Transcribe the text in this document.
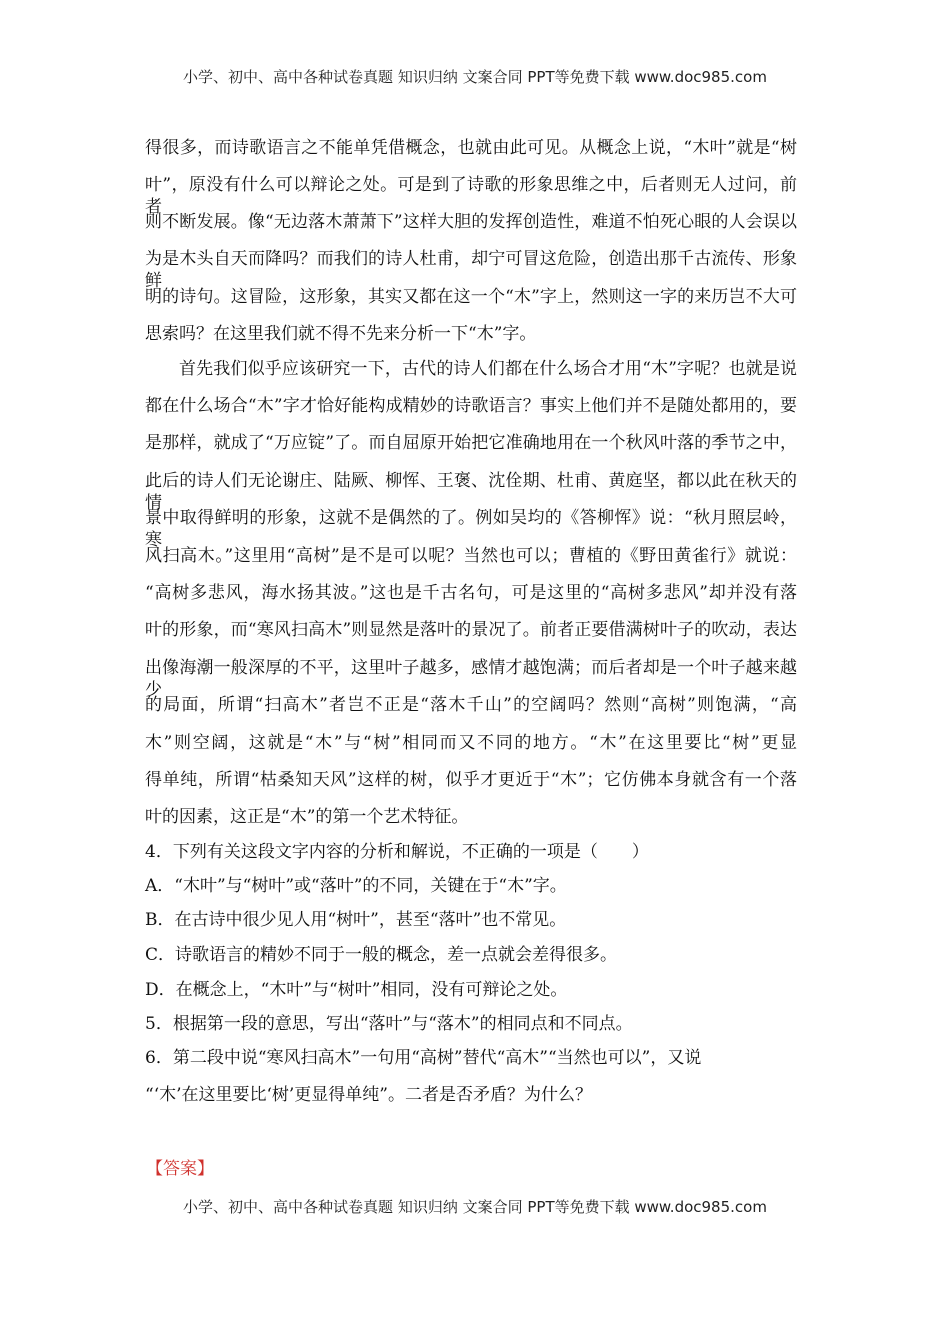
小学、初中、高中各种试卷真题 知识归纳 文案合同 PPT等免费下载 www.doc985.com
得很多，而诗歌语言之不能单凭借概念，也就由此可见。从概念上说，“木叶”就是“树
叶”，原没有什么可以辩论之处。可是到了诗歌的形象思维之中，后者则无人过问，前者
则不断发展。像“无边落木萧萧下”这样大胆的发挥创造性，难道不怕死心眼的人会误以
为是木头自天而降吗？而我们的诗人杜甫，却宁可冒这危险，创造出那千古流传、形象鲜
明的诗句。这冒险，这形象，其实又都在这一个“木”字上，然则这一字的来历岂不大可
思索吗？在这里我们就不得不先来分析一下“木”字。
首先我们似乎应该研究一下，古代的诗人们都在什么场合才用“木”字呢？也就是说
都在什么场合“木”字才恰好能构成精妙的诗歌语言？事实上他们并不是随处都用的，要
是那样，就成了“万应锭”了。而自屈原开始把它准确地用在一个秋风叶落的季节之中，
此后的诗人们无论谢庄、陆厥、柳恽、王褒、沈佺期、杜甫、黄庭坚，都以此在秋天的情
景中取得鲜明的形象，这就不是偶然的了。例如吴均的《答柳恽》说：“秋月照层岭，寒
风扫高木。”这里用“高树”是不是可以呢？当然也可以；曹植的《野田黄雀行》就说：
“高树多悲风，海水扬其波。”这也是千古名句，可是这里的“高树多悲风”却并没有落
叶的形象，而“寒风扫高木”则显然是落叶的景况了。前者正要借满树叶子的吹动，表达
出像海潮一般深厚的不平，这里叶子越多，感情才越饱满；而后者却是一个叶子越来越少
的局面，所谓“扫高木”者岂不正是“落木千山”的空阔吗？然则“高树”则饱满，“高
木”则空阔，这就是“木”与“树”相同而又不同的地方。“木”在这里要比“树”更显
得单纯，所谓“枯桑知天风”这样的树，似乎才更近于“木”；它仿佛本身就含有一个落
叶的因素，这正是“木”的第一个艺术特征。
4．下列有关这段文字内容的分析和解说，不正确的一项是（　　）
A．“木叶”与“树叶”或“落叶”的不同，关键在于“木”字。
B．在古诗中很少见人用“树叶”，甚至“落叶”也不常见。
C．诗歌语言的精妙不同于一般的概念，差一点就会差得很多。
D．在概念上，“木叶”与“树叶”相同，没有可辩论之处。
5．根据第一段的意思，写出“落叶”与“落木”的相同点和不同点。
6．第二段中说“寒风扫高木”一句用“高树”替代“高木”“当然也可以”，又说
“‘木’在这里要比‘树’更显得单纯”。二者是否矛盾？为什么？
【答案】
小学、初中、高中各种试卷真题 知识归纳 文案合同 PPT等免费下载 www.doc985.com
